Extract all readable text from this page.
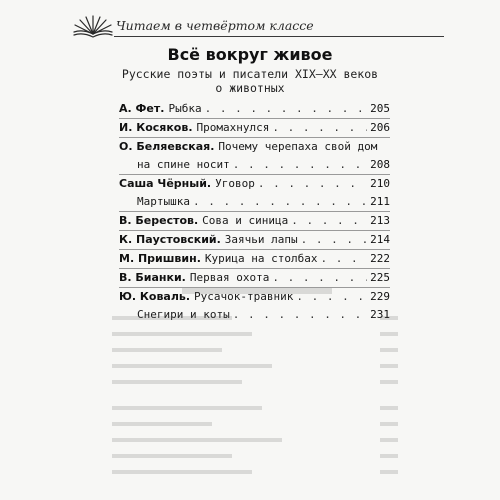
Читаем в четвёртом классе
Всё вокруг живое
Русские поэты и писатели XIX—XX веков
о животных
А. Фет. Рыбка . . .	205
И. Косяков. Промахнулся . . .	206
О. Беляевская. Почему черепаха свой дом
на спине носит . . .	208
Саша Чёрный. Уговор . . .	210
Мартышка . . .	211
В. Берестов. Сова и синица . . .	213
К. Паустовский. Заячьи лапы . . .	214
М. Пришвин. Курица на столбах . . .	222
В. Бианки. Первая охота . . .	225
Ю. Коваль. Русачок-травник . . .	229
Снегири и коты . . .	231
